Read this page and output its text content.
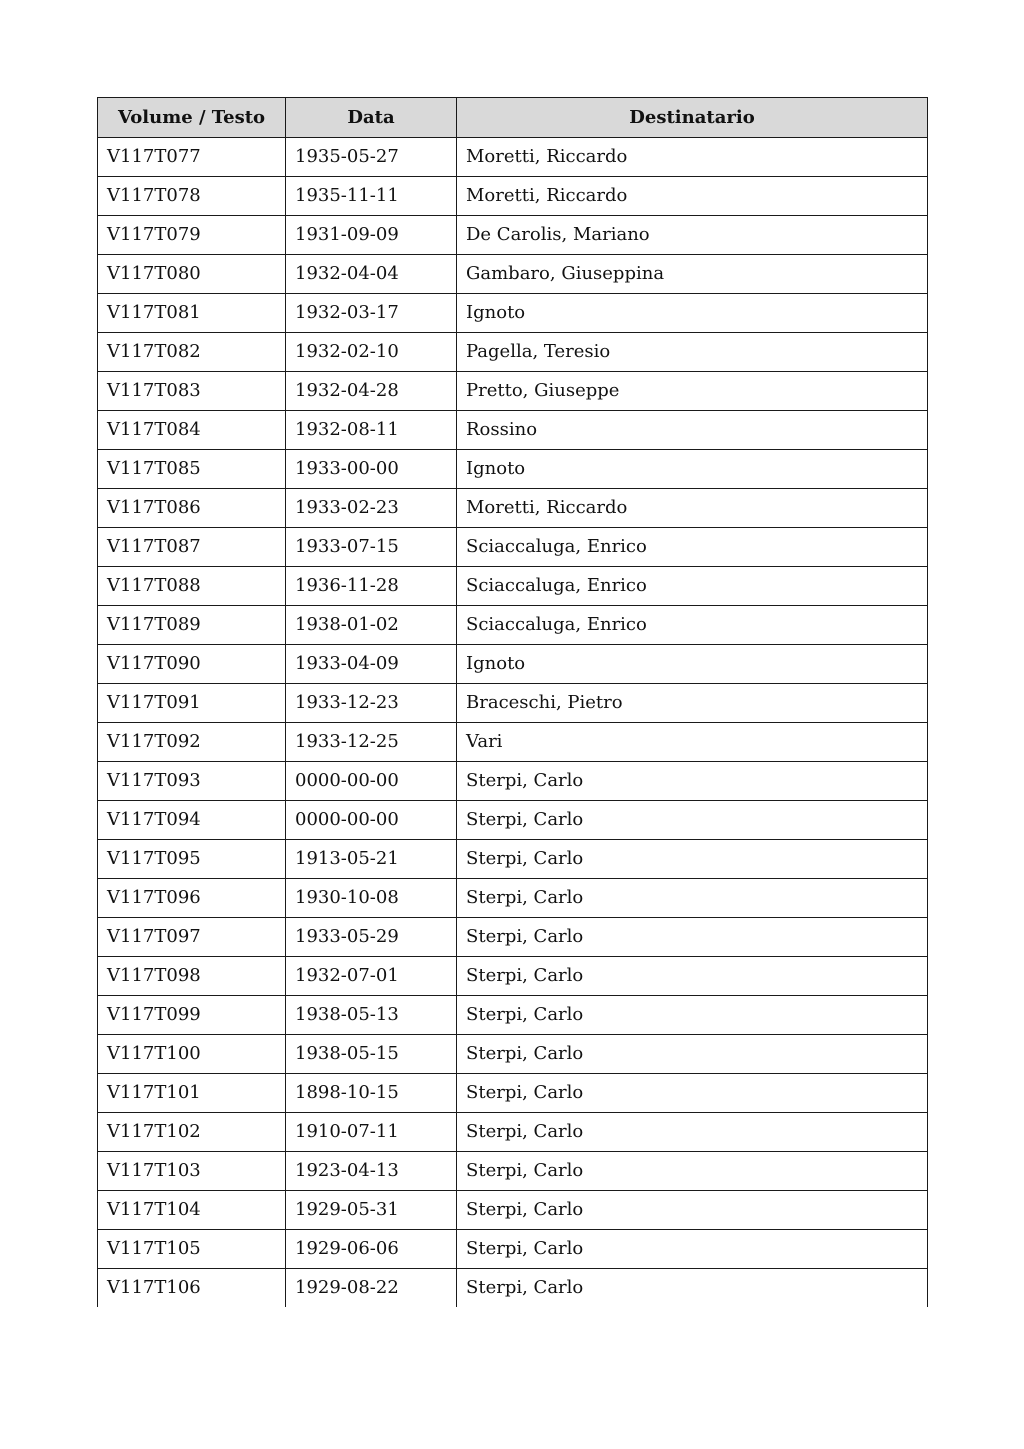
Volume / Testo	Data	Destinatario
V117T077	1935-05-27	Moretti, Riccardo
V117T078	1935-11-11	Moretti, Riccardo
V117T079	1931-09-09	De Carolis, Mariano
V117T080	1932-04-04	Gambaro, Giuseppina
V117T081	1932-03-17	Ignoto
V117T082	1932-02-10	Pagella, Teresio
V117T083	1932-04-28	Pretto, Giuseppe
V117T084	1932-08-11	Rossino
V117T085	1933-00-00	Ignoto
V117T086	1933-02-23	Moretti, Riccardo
V117T087	1933-07-15	Sciaccaluga, Enrico
V117T088	1936-11-28	Sciaccaluga, Enrico
V117T089	1938-01-02	Sciaccaluga, Enrico
V117T090	1933-04-09	Ignoto
V117T091	1933-12-23	Braceschi, Pietro
V117T092	1933-12-25	Vari
V117T093	0000-00-00	Sterpi, Carlo
V117T094	0000-00-00	Sterpi, Carlo
V117T095	1913-05-21	Sterpi, Carlo
V117T096	1930-10-08	Sterpi, Carlo
V117T097	1933-05-29	Sterpi, Carlo
V117T098	1932-07-01	Sterpi, Carlo
V117T099	1938-05-13	Sterpi, Carlo
V117T100	1938-05-15	Sterpi, Carlo
V117T101	1898-10-15	Sterpi, Carlo
V117T102	1910-07-11	Sterpi, Carlo
V117T103	1923-04-13	Sterpi, Carlo
V117T104	1929-05-31	Sterpi, Carlo
V117T105	1929-06-06	Sterpi, Carlo
V117T106	1929-08-22	Sterpi, Carlo
